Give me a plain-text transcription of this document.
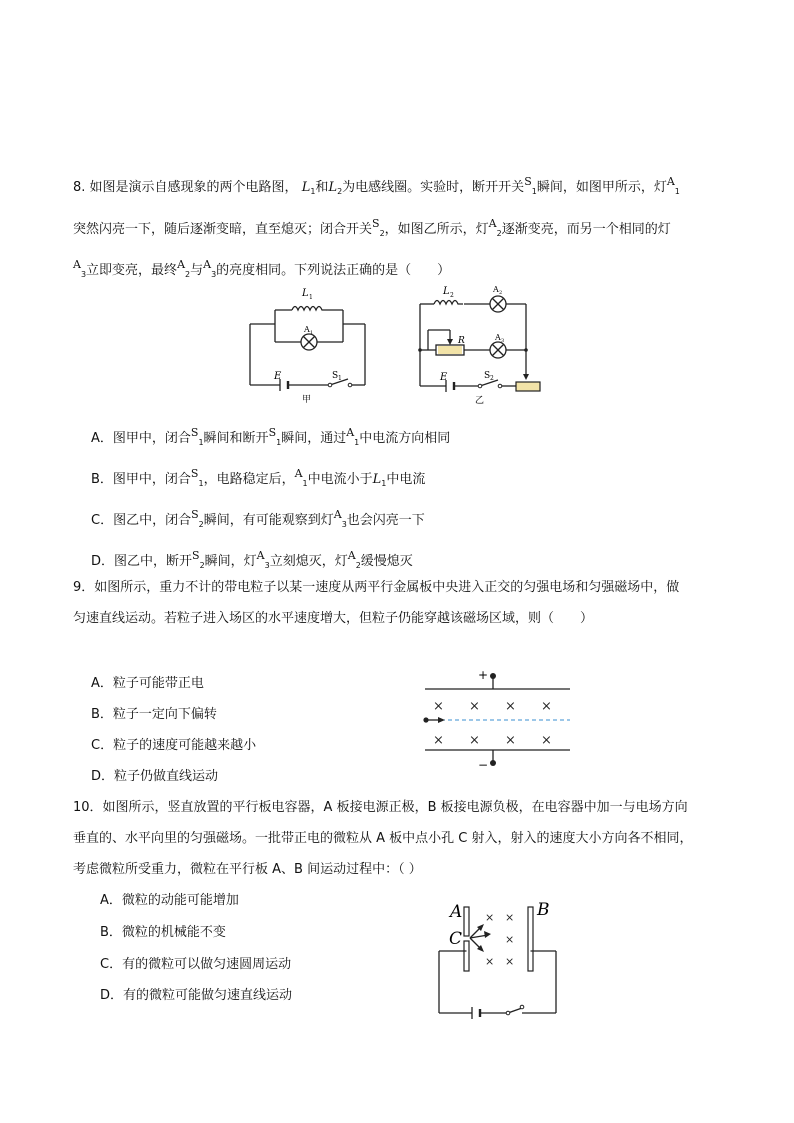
8. 如图是演示自感现象的两个电路图， $L_1$和$L_2$为电感线圈。实验时，断开开关$^S_1$瞬间，如图甲所示，灯$^A_1$
突然闪亮一下，随后逐渐变暗，直至熄灭；闭合开关$^S_2$，如图乙所示，灯$^A_2$逐渐变亮，而另一个相同的灯
$^A_3$立即变亮，最终$^A_2$与$^A_3$的亮度相同。下列说法正确的是（　　）
L 1
A 1
E	S 1
甲
L 2
A 2
A 3
R
E	S 2
乙
A．图甲中，闭合$^S_1$瞬间和断开$^S_1$瞬间，通过$^A_1$中电流方向相同
B．图甲中，闭合$^S_1$，电路稳定后，$^A_1$中电流小于$L_1$中电流
C．图乙中，闭合$^S_2$瞬间，有可能观察到灯$^A_3$也会闪亮一下
D．图乙中，断开$^S_2$瞬间，灯$^A_3$立刻熄灭，灯$^A_2$缓慢熄灭
9．如图所示，重力不计的带电粒子以某一速度从两平行金属板中央进入正交的匀强电场和匀强磁场中，做
匀速直线运动。若粒子进入场区的水平速度增大，但粒子仍能穿越该磁场区域，则（　　）
A．粒子可能带正电
B．粒子一定向下偏转
C．粒子的速度可能越来越小
D．粒子仍做直线运动
+
−
× × × ×
× × × ×
10．如图所示，竖直放置的平行板电容器，A 板接电源正极，B 板接电源负极，在电容器中加一与电场方向
垂直的、水平向里的匀强磁场。一批带正电的微粒从 A 板中点小孔 C 射入，射入的速度大小方向各不相同，
考虑微粒所受重力，微粒在平行板 A、B 间运动过程中：（ ）
A．微粒的动能可能增加
B．微粒的机械能不变
C．有的微粒可以做匀速圆周运动
D．有的微粒可能做匀速直线运动
× ×
×
× ×
A	B
C
